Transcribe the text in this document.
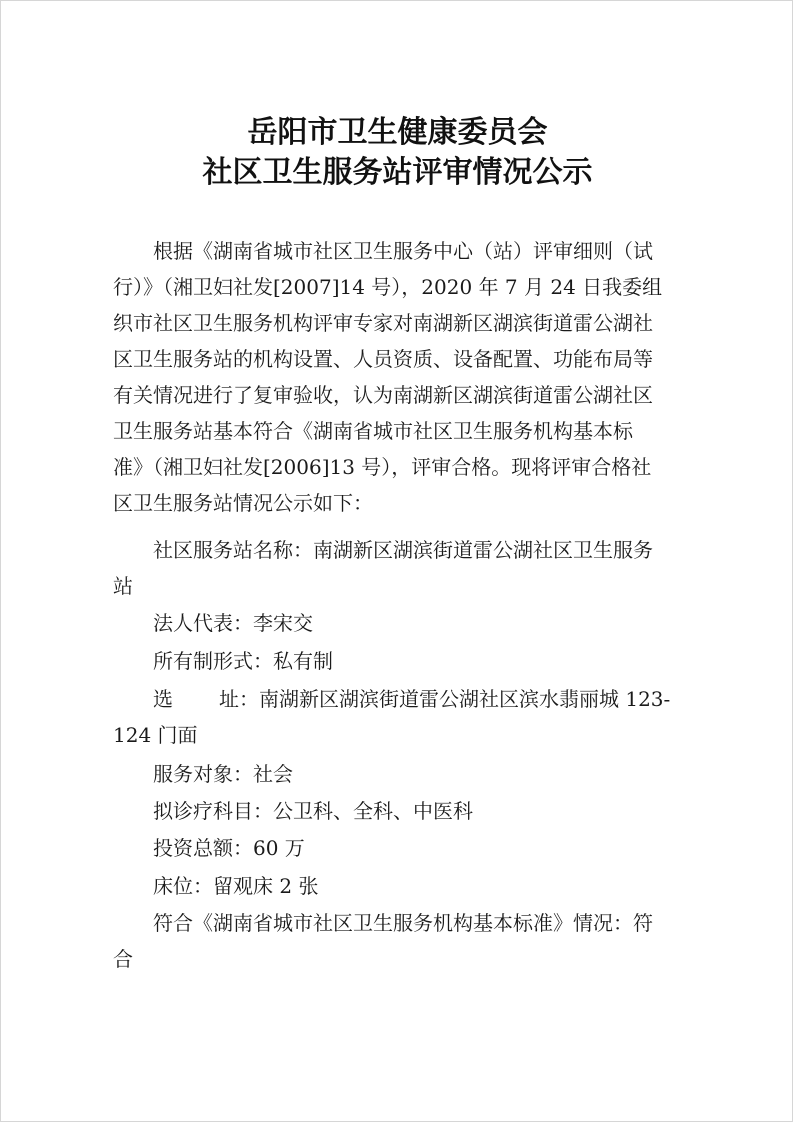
岳阳市卫生健康委员会
社区卫生服务站评审情况公示
根据《湖南省城市社区卫生服务中心（站）评审细则（试
行）》（湘卫妇社发[2007]14 号），2020 年 7 月 24 日我委组
织市社区卫生服务机构评审专家对南湖新区湖滨街道雷公湖社
区卫生服务站的机构设置、人员资质、设备配置、功能布局等
有关情况进行了复审验收，认为南湖新区湖滨街道雷公湖社区
卫生服务站基本符合《湖南省城市社区卫生服务机构基本标
准》（湘卫妇社发[2006]13 号），评审合格。现将评审合格社
区卫生服务站情况公示如下：
社区服务站名称：南湖新区湖滨街道雷公湖社区卫生服务
站
法人代表：李宋交
所有制形式：私有制
选 址：南湖新区湖滨街道雷公湖社区滨水翡丽城 123-
124 门面
服务对象：社会
拟诊疗科目：公卫科、全科、中医科
投资总额：60 万
床位：留观床 2 张
符合《湖南省城市社区卫生服务机构基本标准》情况：符
合
